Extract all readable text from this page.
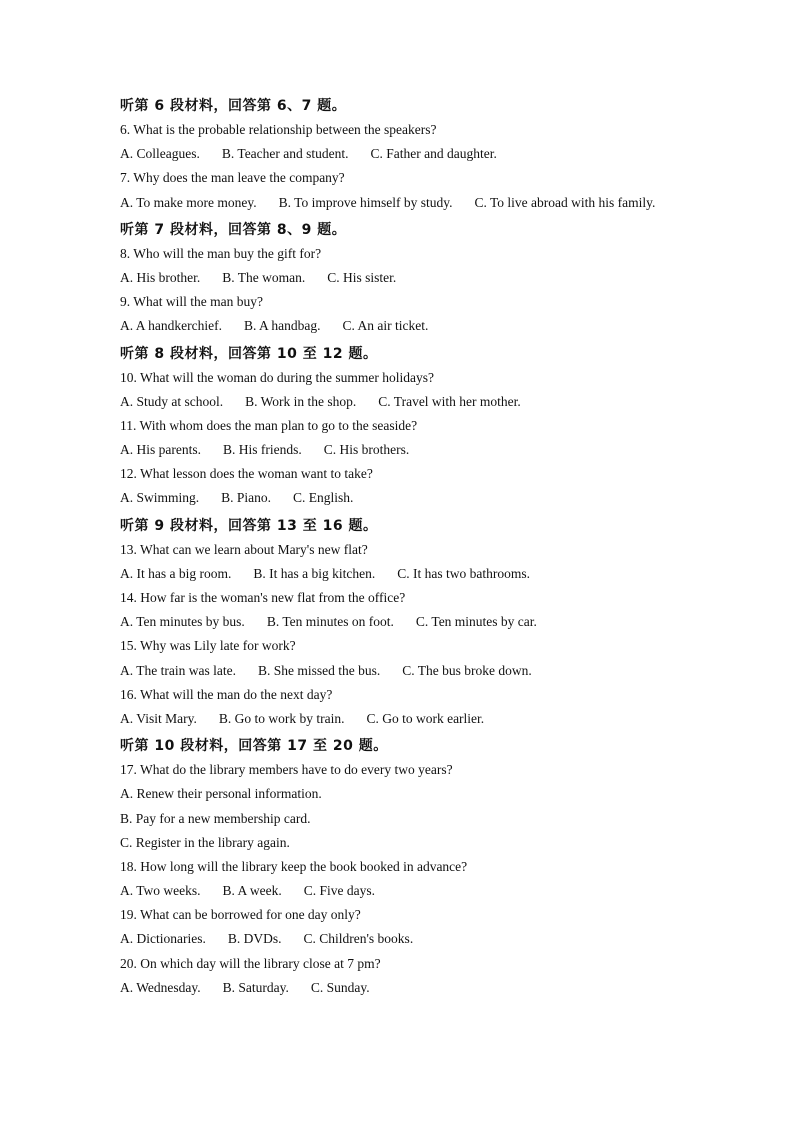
听第 6 段材料，回答第 6、7 题。
6. What is the probable relationship between the speakers?
A. Colleagues. B. Teacher and student. C. Father and daughter.
7. Why does the man leave the company?
A. To make more money. B. To improve himself by study. C. To live abroad with his family.
听第 7 段材料，回答第 8、9 题。
8. Who will the man buy the gift for?
A. His brother. B. The woman. C. His sister.
9. What will the man buy?
A. A handkerchief. B. A handbag. C. An air ticket.
听第 8 段材料，回答第 10 至 12 题。
10. What will the woman do during the summer holidays?
A. Study at school. B. Work in the shop. C. Travel with her mother.
11. With whom does the man plan to go to the seaside?
A. His parents. B. His friends. C. His brothers.
12. What lesson does the woman want to take?
A. Swimming. B. Piano. C. English.
听第 9 段材料，回答第 13 至 16 题。
13. What can we learn about Mary's new flat?
A. It has a big room. B. It has a big kitchen. C. It has two bathrooms.
14. How far is the woman's new flat from the office?
A. Ten minutes by bus. B. Ten minutes on foot. C. Ten minutes by car.
15. Why was Lily late for work?
A. The train was late. B. She missed the bus. C. The bus broke down.
16. What will the man do the next day?
A. Visit Mary. B. Go to work by train. C. Go to work earlier.
听第 10 段材料，回答第 17 至 20 题。
17. What do the library members have to do every two years?
A. Renew their personal information.
B. Pay for a new membership card.
C. Register in the library again.
18. How long will the library keep the book booked in advance?
A. Two weeks. B. A week. C. Five days.
19. What can be borrowed for one day only?
A. Dictionaries. B. DVDs. C. Children's books.
20. On which day will the library close at 7 pm?
A. Wednesday. B. Saturday. C. Sunday.
